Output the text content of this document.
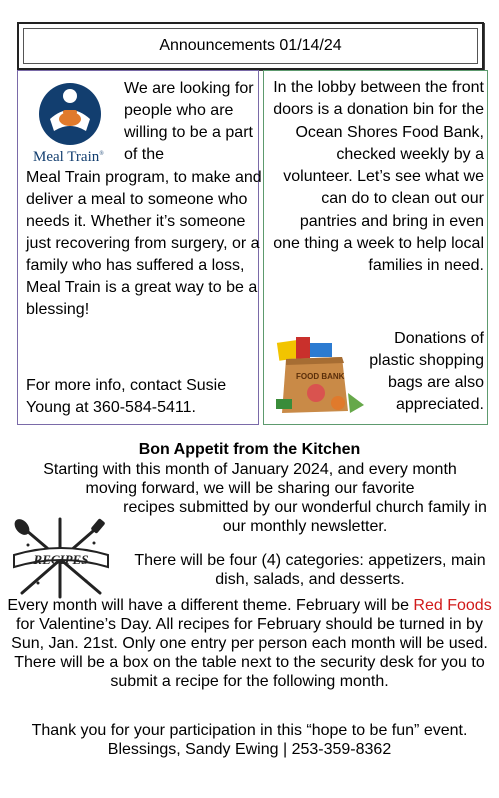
Announcements 01/14/24
Meal Train®

We are looking for people who are willing to be a part of the

Meal Train program, to make and deliver a meal to someone who needs it. Whether it’s someone just recovering from surgery, or a family who has suffered a loss, Meal Train is a great way to be a blessing!

For more info, contact Susie Young at 360-584-5411.

In the lobby between the front doors is a donation bin for the Ocean Shores Food Bank, checked weekly by a volunteer. Let’s see what we can do to clean out our pantries and bring in even one thing a week to help local families in need.

FOOD BANK

Donations of plastic shopping bags are also appreciated.

Bon Appetit from the Kitchen

Starting with this month of January 2024, and every month moving forward, we will be sharing our favorite

recipes submitted by our wonderful church family in our monthly newsletter.

RECIPES	There will be four (4) categories: appetizers, main dish, salads, and desserts.

Every month will have a different theme. February will be Red Foods for Valentine’s Day. All recipes for February should be turned in by Sun, Jan. 21st. Only one entry per person each month will be used. There will be a box on the table next to the security desk for you to submit a recipe for the following month.

Thank you for your participation in this “hope to be fun” event. Blessings, Sandy Ewing | 253-359-8362
